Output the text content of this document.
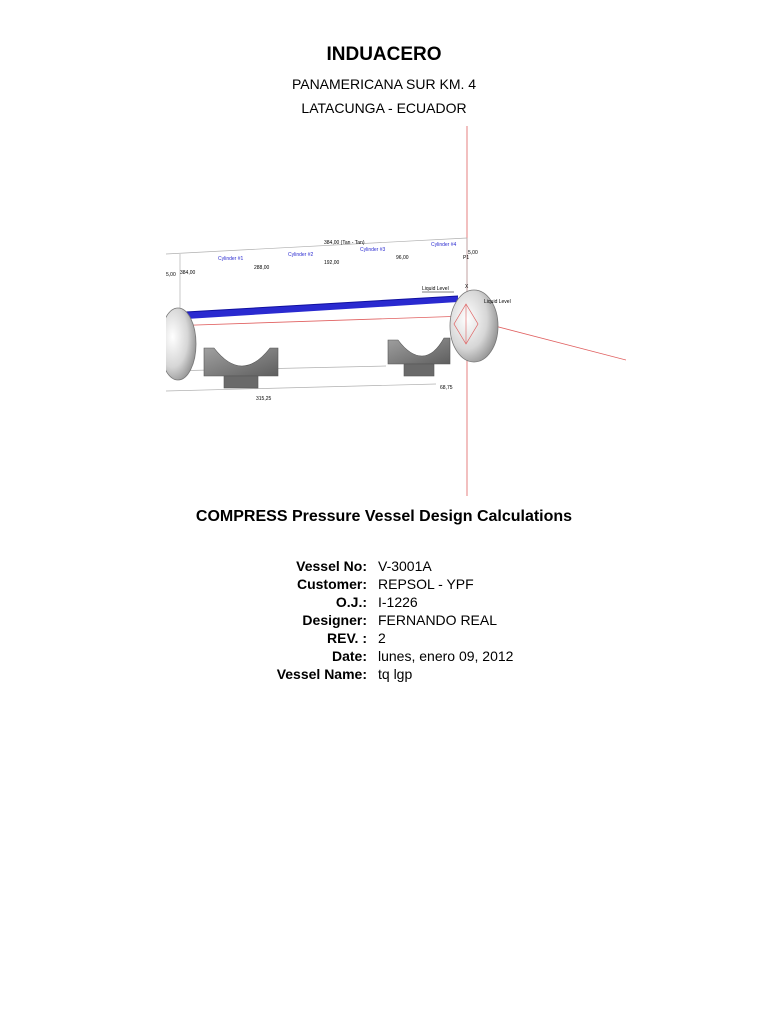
INDUACERO
PANAMERICANA SUR KM. 4
LATACUNGA - ECUADOR
384,00 (Tan - Tan)
384,00
5,00
5,00
P1
Cylinder #1
Cylinder #2
Cylinder #3
Cylinder #4
288,00
192,00
96,00
X
Liquid Level
Liquid Level
315,25
68,75
COMPRESS Pressure Vessel Design Calculations
Vessel No: V-3001A
Customer: REPSOL - YPF
O.J.: I-1226
Designer: FERNANDO REAL
REV. : 2
Date: lunes, enero 09, 2012
Vessel Name: tq lgp
